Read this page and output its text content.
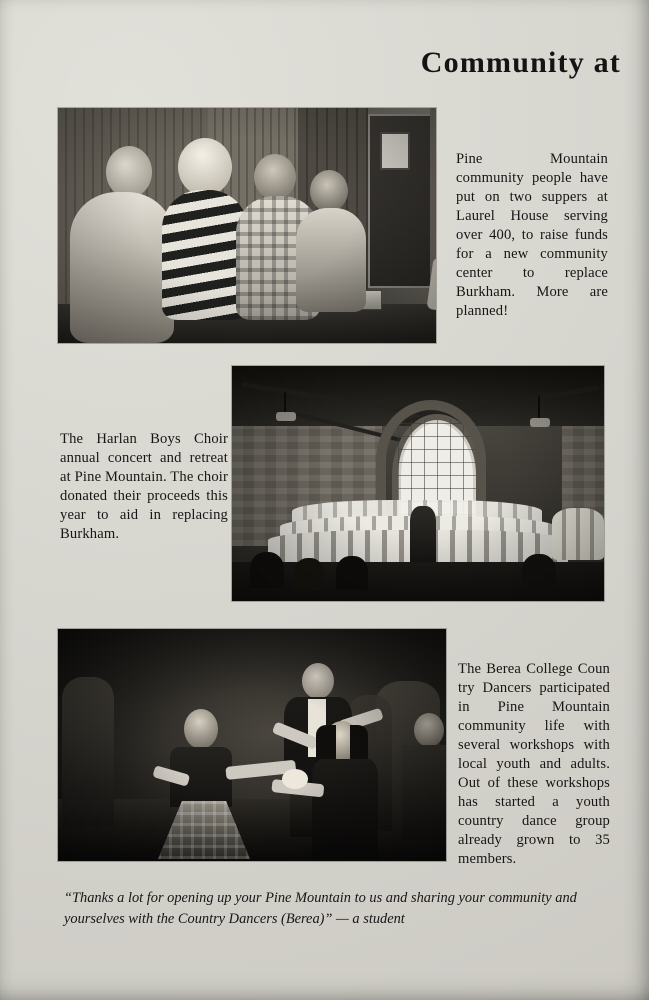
Community at
Pine Mountain community people have put on two suppers at Laurel House serving over 400, to raise funds for a new community center to replace Burkham. More are planned!
The Harlan Boys Choir annual concert and retreat at Pine Mountain. The choir donated their proceeds this year to aid in replacing Burkham.
The Berea College Coun try Dancers participated in Pine Mountain community life with several workshops with local youth and adults. Out of these workshops has started a youth country dance group already grown to 35 members.
“Thanks a lot for opening up your Pine Mountain to us and sharing your community and yourselves with the Country Dancers (Berea)” — a student
